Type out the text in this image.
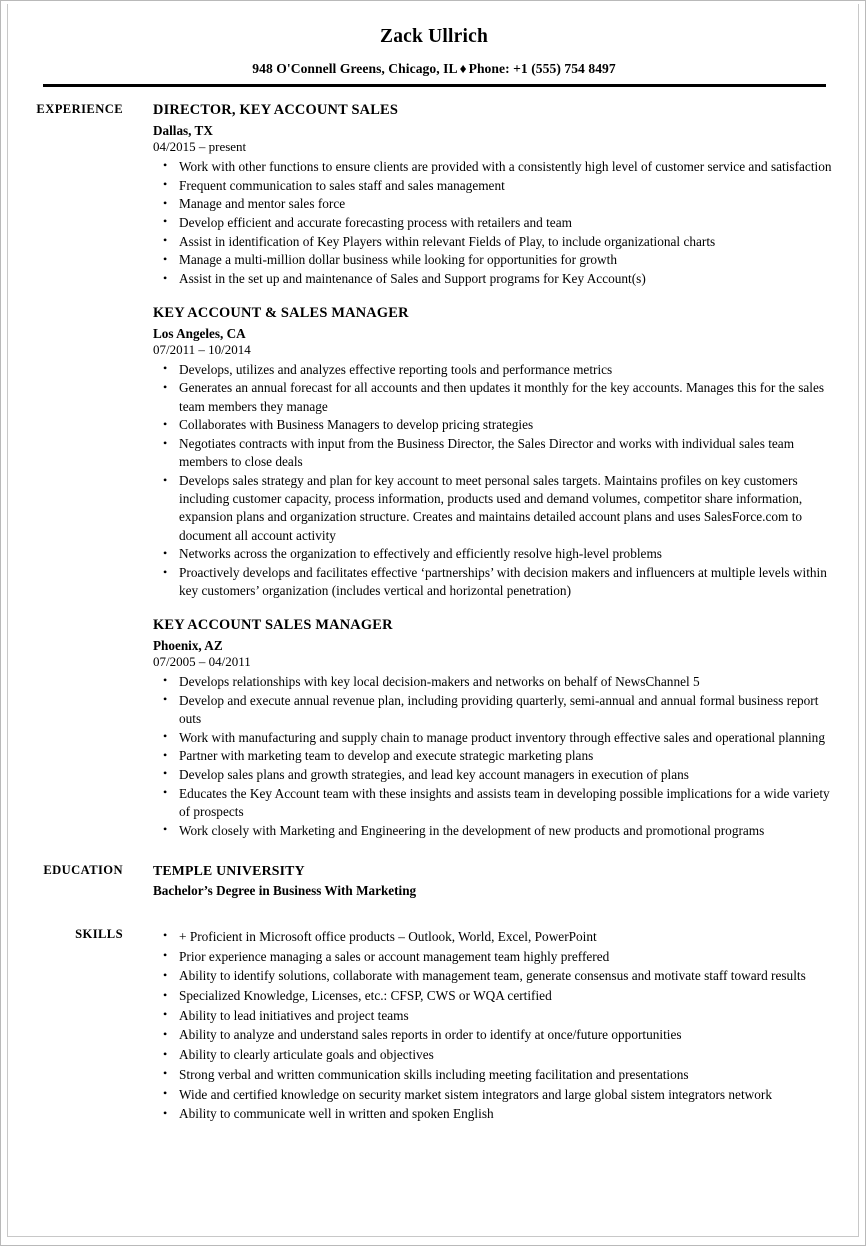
Zack Ullrich
948 O'Connell Greens, Chicago, IL ♦ Phone: +1 (555) 754 8497
EXPERIENCE DIRECTOR, KEY ACCOUNT SALES
Dallas, TX
04/2015 – present
• Work with other functions to ensure clients are provided with a consistently high level of customer service and satisfaction
• Frequent communication to sales staff and sales management
• Manage and mentor sales force
• Develop efficient and accurate forecasting process with retailers and team
• Assist in identification of Key Players within relevant Fields of Play, to include organizational charts
• Manage a multi-million dollar business while looking for opportunities for growth
• Assist in the set up and maintenance of Sales and Support programs for Key Account(s)
KEY ACCOUNT & SALES MANAGER
Los Angeles, CA
07/2011 – 10/2014
• Develops, utilizes and analyzes effective reporting tools and performance metrics
• Generates an annual forecast for all accounts and then updates it monthly for the key accounts. Manages this for the sales team members they manage
• Collaborates with Business Managers to develop pricing strategies
• Negotiates contracts with input from the Business Director, the Sales Director and works with individual sales team members to close deals
• Develops sales strategy and plan for key account to meet personal sales targets. Maintains profiles on key customers including customer capacity, process information, products used and demand volumes, competitor share information, expansion plans and organization structure. Creates and maintains detailed account plans and uses SalesForce.com to document all account activity
• Networks across the organization to effectively and efficiently resolve high-level problems
• Proactively develops and facilitates effective ‘partnerships’ with decision makers and influencers at multiple levels within key customers’ organization (includes vertical and horizontal penetration)
KEY ACCOUNT SALES MANAGER
Phoenix, AZ
07/2005 – 04/2011
• Develops relationships with key local decision-makers and networks on behalf of NewsChannel 5
• Develop and execute annual revenue plan, including providing quarterly, semi-annual and annual formal business report outs
• Work with manufacturing and supply chain to manage product inventory through effective sales and operational planning
• Partner with marketing team to develop and execute strategic marketing plans
• Develop sales plans and growth strategies, and lead key account managers in execution of plans
• Educates the Key Account team with these insights and assists team in developing possible implications for a wide variety of prospects
• Work closely with Marketing and Engineering in the development of new products and promotional programs
EDUCATION TEMPLE UNIVERSITY
Bachelor’s Degree in Business With Marketing
SKILLS	• + Proficient in Microsoft office products – Outlook, World, Excel, PowerPoint
• Prior experience managing a sales or account management team highly preffered
• Ability to identify solutions, collaborate with management team, generate consensus and motivate staff toward results
• Specialized Knowledge, Licenses, etc.: CFSP, CWS or WQA certified
• Ability to lead initiatives and project teams
• Ability to analyze and understand sales reports in order to identify at once/future opportunities
• Ability to clearly articulate goals and objectives
• Strong verbal and written communication skills including meeting facilitation and presentations
• Wide and certified knowledge on security market sistem integrators and large global sistem integrators network
• Ability to communicate well in written and spoken English
